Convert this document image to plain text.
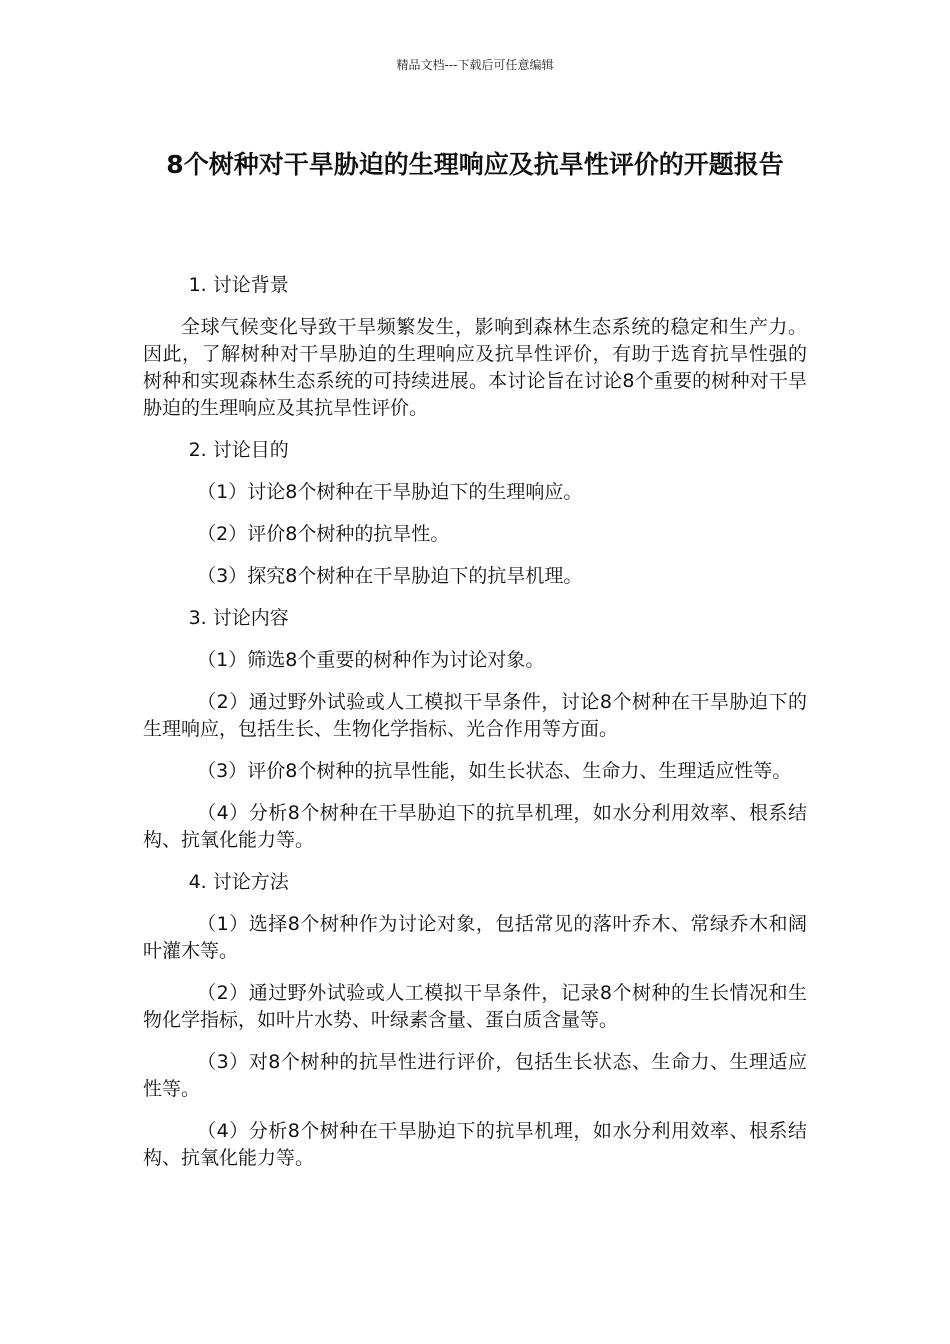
精品文档---下载后可任意编辑
8个树种对干旱胁迫的生理响应及抗旱性评价的开题报告

1. 讨论背景

全球气候变化导致干旱频繁发生，影响到森林生态系统的稳定和生产力。因此，了解树种对干旱胁迫的生理响应及抗旱性评价，有助于选育抗旱性强的树种和实现森林生态系统的可持续进展。本讨论旨在讨论8个重要的树种对干旱胁迫的生理响应及其抗旱性评价。

2. 讨论目的

（1）讨论8个树种在干旱胁迫下的生理响应。

（2）评价8个树种的抗旱性。

（3）探究8个树种在干旱胁迫下的抗旱机理。

3. 讨论内容

（1）筛选8个重要的树种作为讨论对象。

（2）通过野外试验或人工模拟干旱条件，讨论8个树种在干旱胁迫下的生理响应，包括生长、生物化学指标、光合作用等方面。

（3）评价8个树种的抗旱性能，如生长状态、生命力、生理适应性等。

（4）分析8个树种在干旱胁迫下的抗旱机理，如水分利用效率、根系结构、抗氧化能力等。

4. 讨论方法

（1）选择8个树种作为讨论对象，包括常见的落叶乔木、常绿乔木和阔叶灌木等。

（2）通过野外试验或人工模拟干旱条件，记录8个树种的生长情况和生物化学指标，如叶片水势、叶绿素含量、蛋白质含量等。

（3）对8个树种的抗旱性进行评价，包括生长状态、生命力、生理适应性等。

（4）分析8个树种在干旱胁迫下的抗旱机理，如水分利用效率、根系结构、抗氧化能力等。
